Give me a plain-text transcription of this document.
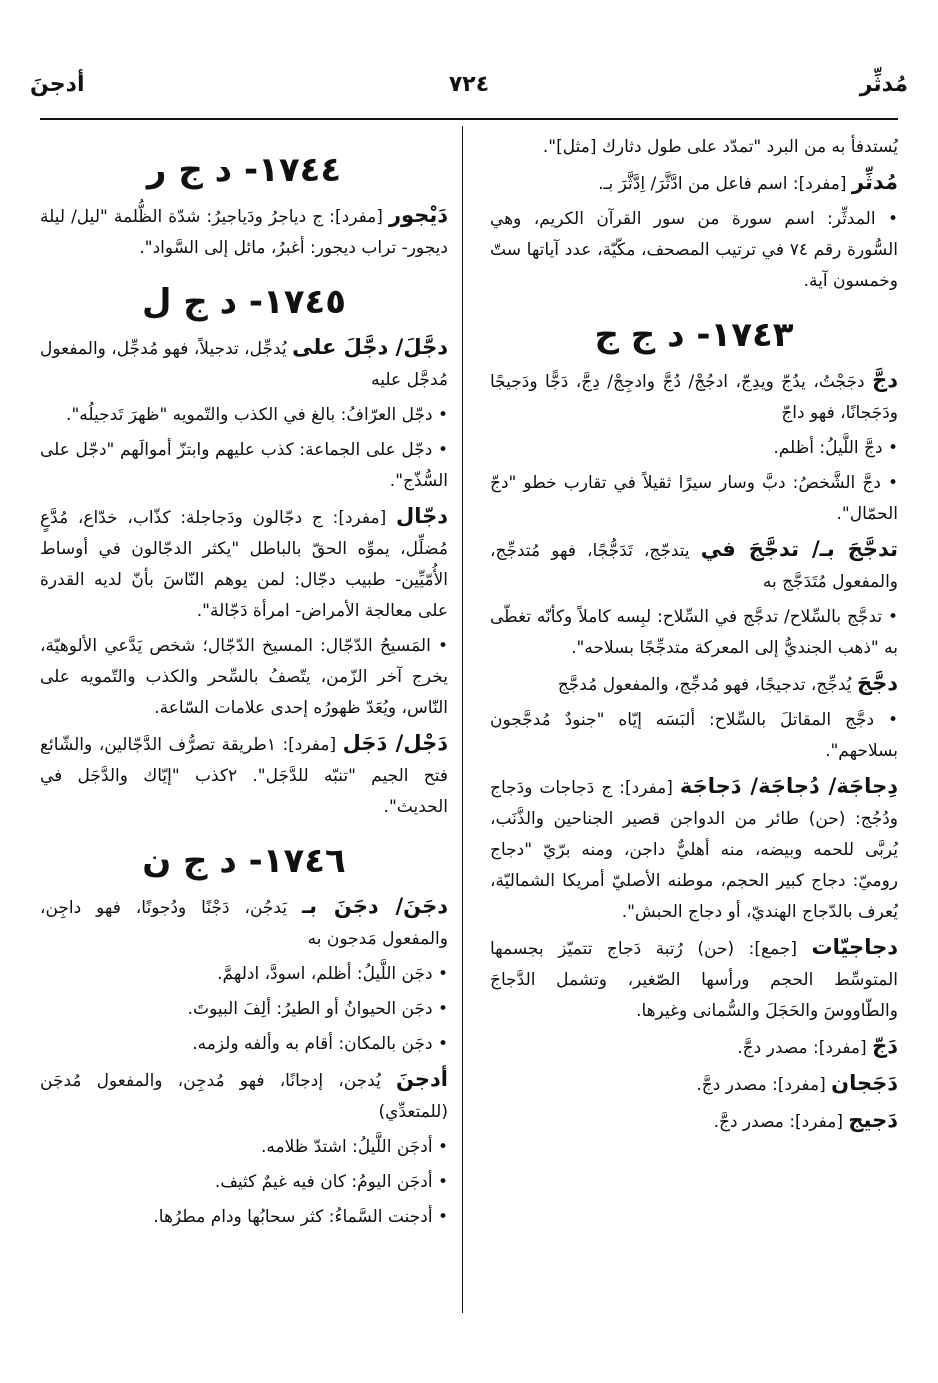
مُدثِّر
٧٢٤
أدجنَ

يُستدفأ به من البرد "تمدّد على طول دثارك [مثل]".

مُدثِّر [مفرد]: اسم فاعل من ادَّثَّرَ/ اِدَّثَّرَ بـ.

• المدثِّر: اسم سورة من سور القرآن الكريم، وهي السُّورة رقم ٧٤ في ترتيب المصحف، مكّيّة، عدد آياتها ستّ وخمسون آية.

١٧٤٣- د ج ج

دجَّ دجَجْتُ، يدُجّ ويدِجّ، ادجُجْ/ دُجَّ وادجِجْ/ دِجَّ، دَجًّا ودَجيجًا ودَجَجانًا، فهو داجّ

• دجَّ اللَّيلُ: أظلم.

• دجَّ الشَّخصُ: دبَّ وسار سيرًا ثقيلاً في تقارب خطو "دجّ الحمّال".

تدجَّجَ بـ/ تدجَّجَ في يتدجّج، تَدَجُّجًا، فهو مُتدجِّج، والمفعول مُتَدَجَّج به

• تدجَّج بالسِّلاح/ تدجَّج في السِّلاح: لبِسه كاملاً وكأنّه تغطّى به "ذهب الجنديُّ إلى المعركة متدجِّجًا بسلاحه".

دجَّجَ يُدجِّج، تدجيجًا، فهو مُدجِّج، والمفعول مُدجَّج

• دجَّج المقاتلَ بالسِّلاح: ألبَسَه إيّاه "جنودٌ مُدجَّجون بسلاحهم".

دِجاجَة/ دُجاجَة/ دَجاجَة [مفرد]: ج دَجاجات ودَجاج ودُجُج: (حن) طائر من الدواجن قصير الجناحين والذَّنَب، يُربَّى للحمه وبيضه، منه أهليٌّ داجن، ومنه برّيّ "دجاج روميّ: دجاج كبير الحجم، موطنه الأصليّ أمريكا الشماليّة، يُعرف بالدّجاج الهنديّ، أو دجاج الحبش".

دجاجيّات [جمع]: (حن) رُتبة دَجاج تتميّز بجسمها المتوسِّط الحجم ورأسها الصّغير، وتشمل الدَّجاجَ والطّاووسَ والحَجَلَ والسُّمانى وغيرها.

دَجّ [مفرد]: مصدر دجَّ.

دَجَجان [مفرد]: مصدر دجَّ.

دَجيج [مفرد]: مصدر دجَّ.

١٧٤٤- د ج ر

دَيْجور [مفرد]: ج دياجرُ ودَياجيرُ: شدّة الظُّلمة "ليل/ ليلة ديجور- تراب ديجور: أغبرُ، مائل إلى السَّواد".

١٧٤٥- د ج ل

دجَّلَ/ دجَّلَ على يُدجِّل، تدجيلاً، فهو مُدجِّل، والمفعول مُدجَّل عليه

• دجّل العرّافُ: بالغ في الكذب والتّمويه "ظهرَ تَدجيلُه".

• دجّل على الجماعة: كذب عليهم وابتزّ أموالَهم "دجّل على السُّذّج".

دجّال [مفرد]: ج دجّالون ودَجاجلة: كذّاب، خدّاع، مُدَّعٍ مُضلِّل، يموِّه الحقّ بالباطل "يكثر الدجّالون في أوساط الأُمّيِّين- طبيب دجّال: لمن يوهم النّاسَ بأنّ لديه القدرة على معالجة الأمراض- امرأة دَجّالة".

• المَسيحُ الدّجّال: المسيخ الدّجّال؛ شخص يَدَّعي الألوهيّة، يخرج آخر الزّمن، يتّصفُ بالسِّحر والكذب والتّمويه على النّاس، ويُعَدّ ظهورُه إحدى علامات السّاعة.

دَجْل/ دَجَل [مفرد]: ١طريقة تصرُّف الدَّجّالين، والشّائع فتح الجيم "تنبّه للدَّجَل". ٢كذب "إيّاك والدَّجَل في الحديث".

١٧٤٦- د ج ن

دجَنَ/ دجَنَ بـ يَدجُن، دَجْنًا ودُجونًا، فهو داجِن، والمفعول مَدجون به

• دجَن اللَّيلُ: أظلم، اسودَّ، ادلهمَّ.

• دجَن الحيوانُ أو الطيرُ: ألِفَ البيوتَ.

• دجَن بالمكان: أقام به وألفه ولزمه.

أدجنَ يُدجن، إدجانًا، فهو مُدجِن، والمفعول مُدجَن (للمتعدِّي)

• أدجَن اللَّيلُ: اشتدّ ظلامه.

• أدجَن اليومُ: كان فيه غيمٌ كثيف.

• أدجنت السَّماءُ: كثر سحابُها ودام مطرُها.
